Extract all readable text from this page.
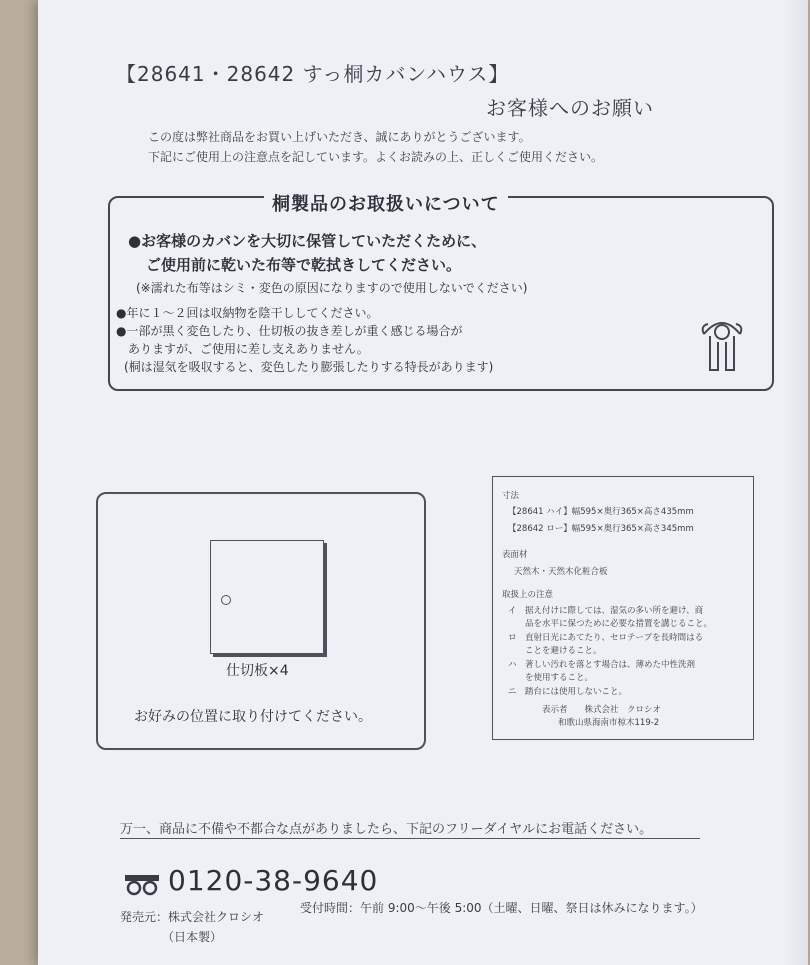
【28641・28642 すっ桐カバンハウス】
お客様へのお願い
この度は弊社商品をお買い上げいただき、誠にありがとうございます。
下記にご使用上の注意点を記しています。よくお読みの上、正しくご使用ください。
桐製品のお取扱いについて
●お客様のカバンを大切に保管していただくために、
ご使用前に乾いた布等で乾拭きしてください。
(※濡れた布等はシミ・変色の原因になりますので使用しないでください)
●年に１～２回は収納物を陰干ししてください。
●一部が黒く変色したり、仕切板の抜き差しが重く感じる場合が
ありますが、ご使用に差し支えありません。
(桐は湿気を吸収すると、変色したり膨張したりする特長があります)
仕切板×4
お好みの位置に取り付けてください。
寸法
【28641 ハイ】幅595×奥行365×高さ435mm
【28642 ロー】幅595×奥行365×高さ345mm
表面材
天然木・天然木化粧合板
取扱上の注意
イ　据え付けに際しては、湿気の多い所を避け、商
　　品を水平に保つために必要な措置を講じること。
ロ　直射日光にあてたり、セロテープを長時間はる
　　ことを避けること。
ハ　著しい汚れを落とす場合は、薄めた中性洗剤
　　を使用すること。
ニ　踏台には使用しないこと。
表示者　　株式会社　クロシオ
和歌山県海南市椋木119-2
万一、商品に不備や不都合な点がありましたら、下記のフリーダイヤルにお電話ください。
0120-38-9640
発売元：株式会社クロシオ
受付時間：午前 9:00～午後 5:00（土曜、日曜、祭日は休みになります。）
（日本製）
